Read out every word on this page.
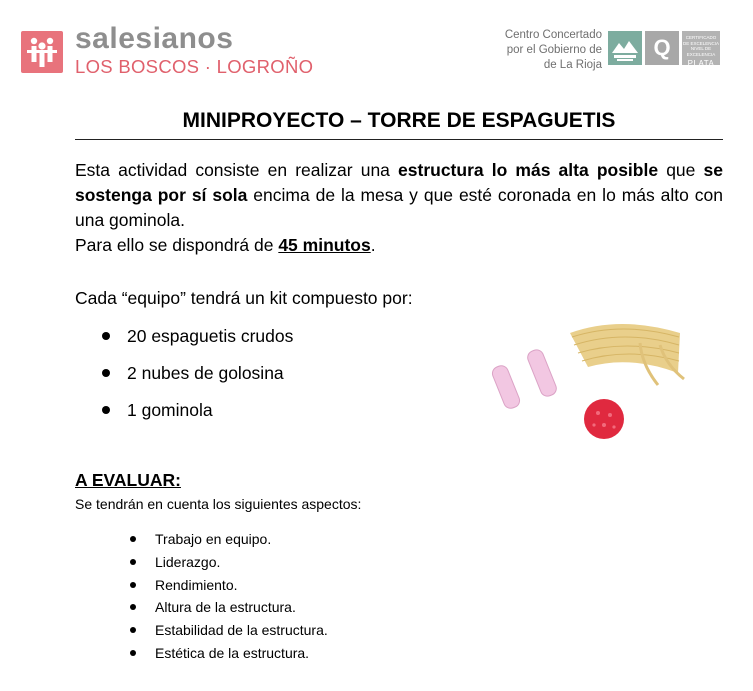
salesianos
LOS BOSCOS · LOGROÑO
Centro Concertado
por el Gobierno de
de La Rioja
Q	CERTIFICADO
DE EXCELENCIA
NIVEL DE EXCELENCIA
PLATA
MINIPROYECTO – TORRE DE ESPAGUETIS
Esta actividad consiste en realizar una estructura lo más alta posible que se sostenga por sí sola encima de la mesa y que esté coronada en lo más alto con una gominola.
Para ello se dispondrá de 45 minutos.
Cada “equipo” tendrá un kit compuesto por:
20 espaguetis crudos
2 nubes de golosina
1 gominola
A EVALUAR:
Se tendrán en cuenta los siguientes aspectos:
Trabajo en equipo.
Liderazgo.
Rendimiento.
Altura de la estructura.
Estabilidad de la estructura.
Estética de la estructura.
